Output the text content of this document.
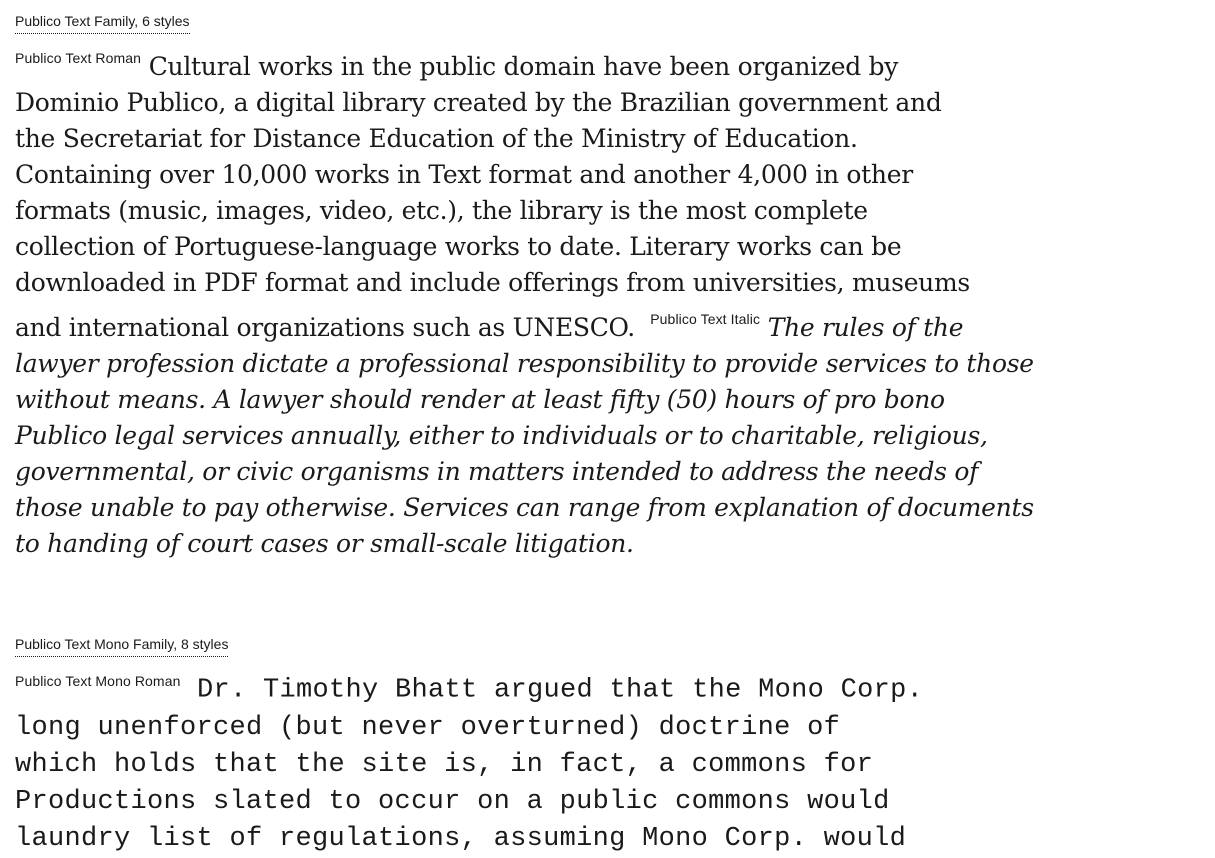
Publico Text Family, 6 styles
$^{Publico Text Roman}$ Cultural works in the public domain have been organized by
Dominio Publico, a digital library created by the Brazilian government and
the Secretariat for Distance Education of the Ministry of Education.
Containing over 10,000 works in Text format and another 4,000 in other
formats (music, images, video, etc.), the library is the most complete
collection of Portuguese-language works to date. Literary works can be
downloaded in PDF format and include offerings from universities, museums
and international organizations such as UNESCO. $^{Publico Text Italic}$ The rules of the
lawyer profession dictate a professional responsibility to provide services to those
without means. A lawyer should render at least fifty (50) hours of pro bono
Publico legal services annually, either to individuals or to charitable, religious,
governmental, or civic organisms in matters intended to address the needs of
those unable to pay otherwise. Services can range from explanation of documents
to handing of court cases or small-scale litigation.
Publico Text Mono Family, 8 styles
$^{Publico Text Mono Roman}$ Dr. Timothy Bhatt argued that the Mono Corp.
long unenforced (but never overturned) doctrine of
which holds that the site is, in fact, a commons for
Productions slated to occur on a public commons would
laundry list of regulations, assuming Mono Corp. would
